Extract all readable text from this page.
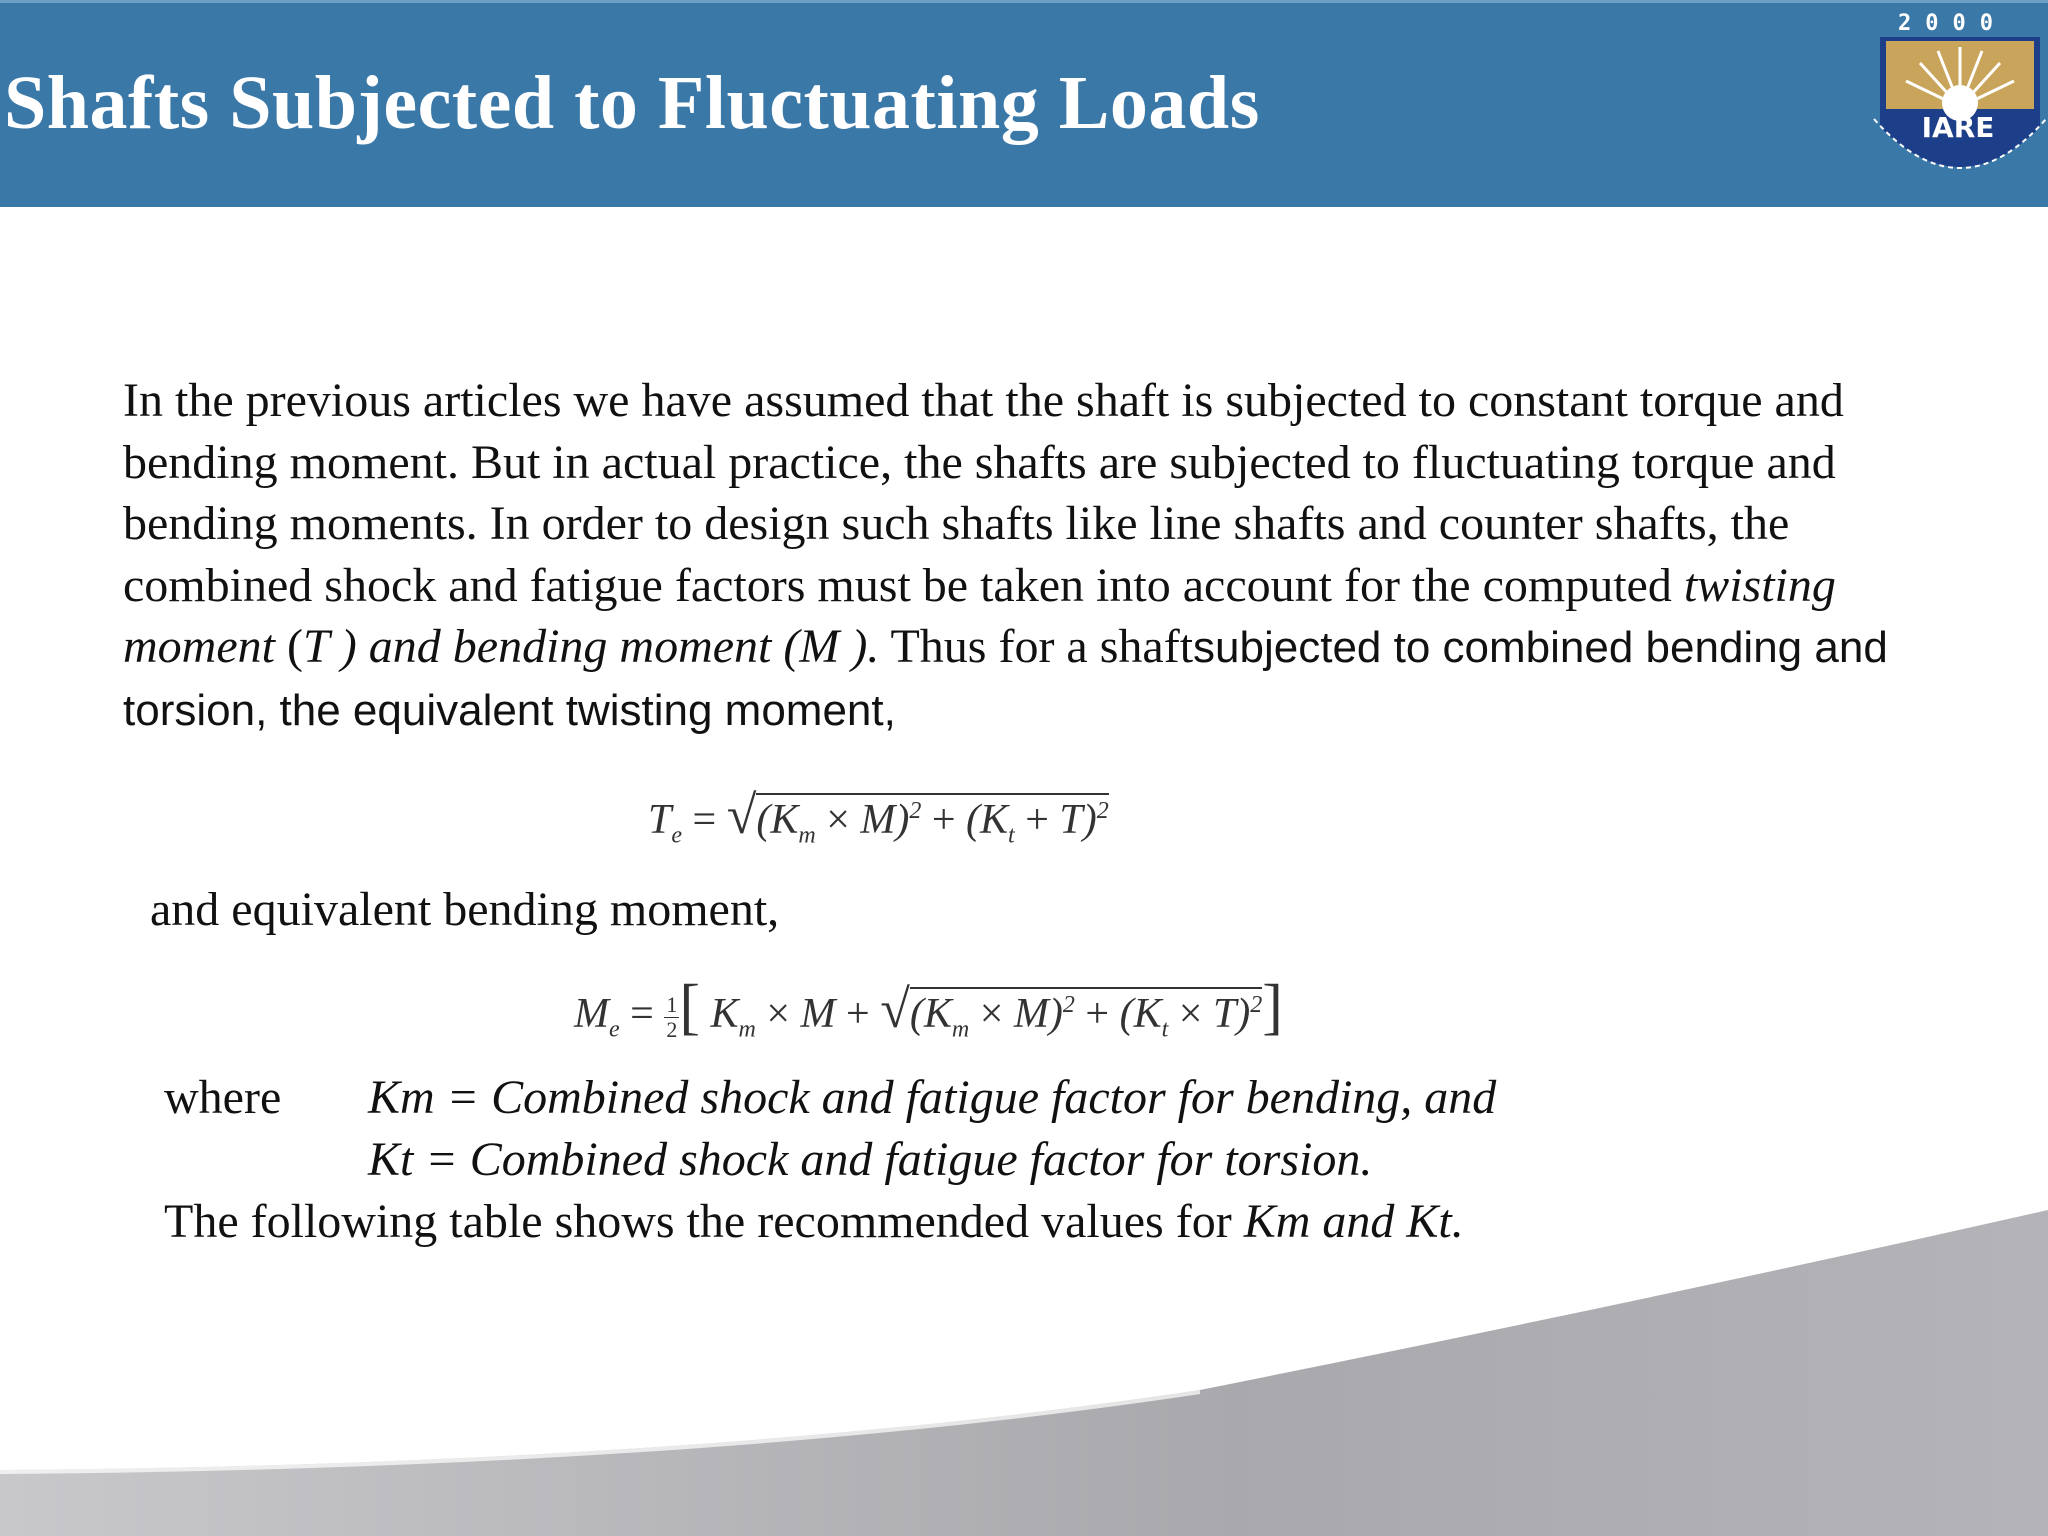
Shafts Subjected to Fluctuating Loads
2000
IARE
In the previous articles we have assumed that the shaft is subjected to constant torque and bending moment. But in actual practice, the shafts are subjected to fluctuating torque and bending moments. In order to design such shafts like line shafts and counter shafts, the combined shock and fatigue factors must be taken into account for the computed twisting moment (T ) and bending moment (M ). Thus for a shaftsubjected to combined bending and torsion, the equivalent twisting moment,
$T_e = √(K_m \times M)^2 + (K_t + T)^2$
and equivalent bending moment,
$M_e = \frac{1}{2}$ [ $K_m \times M + √(K_m \times M)^2 + (K_t \times T)^2$]
where Km = Combined shock and fatigue factor for bending, and
Kt = Combined shock and fatigue factor for torsion.
The following table shows the recommended values for Km and Kt.
